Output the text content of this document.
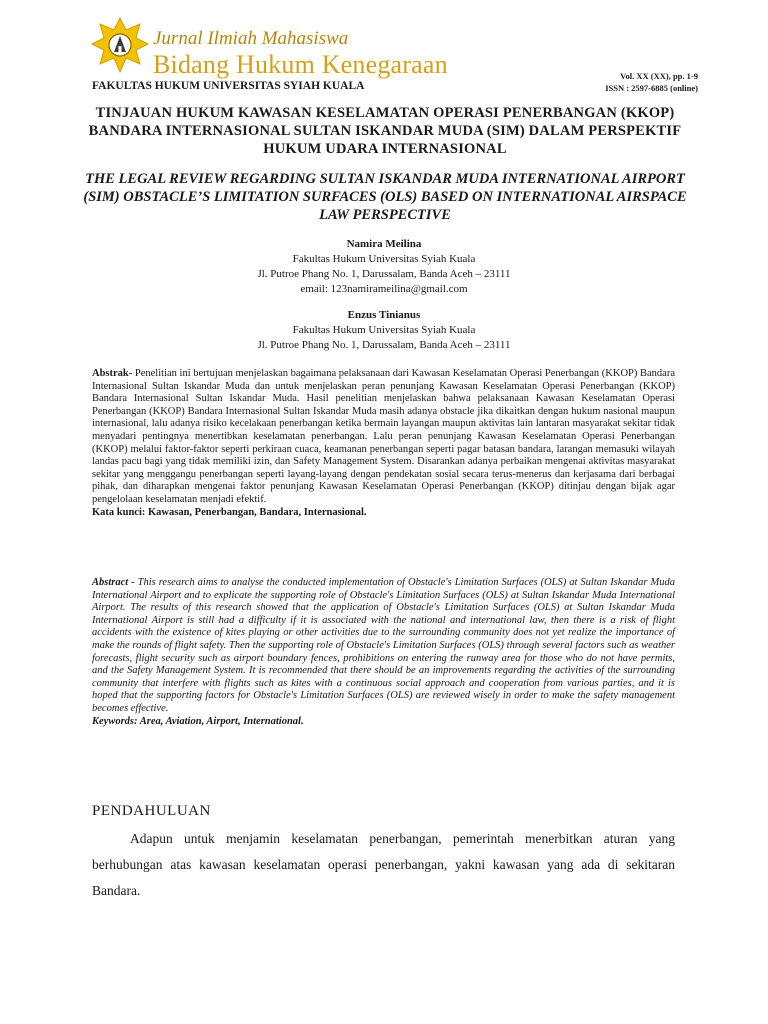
Jurnal Ilmiah Mahasiswa
Bidang Hukum Kenegaraan
FAKULTAS HUKUM UNIVERSITAS SYIAH KUALA
Vol. XX (XX), pp. 1-9
ISSN : 2597-6885 (online)
TINJAUAN HUKUM KAWASAN KESELAMATAN OPERASI PENERBANGAN (KKOP) BANDARA INTERNASIONAL SULTAN ISKANDAR MUDA (SIM) DALAM PERSPEKTIF HUKUM UDARA INTERNASIONAL
THE LEGAL REVIEW REGARDING SULTAN ISKANDAR MUDA INTERNATIONAL AIRPORT (SIM) OBSTACLE’S LIMITATION SURFACES (OLS) BASED ON INTERNATIONAL AIRSPACE LAW PERSPECTIVE
Namira Meilina
Fakultas Hukum Universitas Syiah Kuala
Jl. Putroe Phang No. 1, Darussalam, Banda Aceh – 23111
email: 123namirameilina@gmail.com
Enzus Tinianus
Fakultas Hukum Universitas Syiah Kuala
Jl. Putroe Phang No. 1, Darussalam, Banda Aceh – 23111
Abstrak- Penelitian ini bertujuan menjelaskan bagaimana pelaksanaan dari Kawasan Keselamatan Operasi Penerbangan (KKOP) Bandara Internasional Sultan Iskandar Muda dan untuk menjelaskan peran penunjang Kawasan Keselamatan Operasi Penerbangan (KKOP) Bandara Internasional Sultan Iskandar Muda. Hasil penelitian menjelaskan bahwa pelaksanaan Kawasan Keselamatan Operasi Penerbangan (KKOP) Bandara Internasional Sultan Iskandar Muda masih adanya obstacle jika dikaitkan dengan hukum nasional maupun internasional, lalu adanya risiko kecelakaan penerbangan ketika bermain layangan maupun aktivitas lain lantaran masyarakat sekitar tidak menyadari pentingnya menertibkan keselamatan penerbangan. Lalu peran penunjang Kawasan Keselamatan Operasi Penerbangan (KKOP) melalui faktor-faktor seperti perkiraan cuaca, keamanan penerbangan seperti pagar batasan bandara, larangan memasuki wilayah landas pacu bagi yang tidak memiliki izin, dan Safety Management System. Disarankan adanya perbaikan mengenai aktivitas masyarakat sekitar yang menggangu penerbangan seperti layang-layang dengan pendekatan sosial secara terus-menerus dan kerjasama dari berbagai pihak, dan diharapkan mengenai faktor penunjang Kawasan Keselamatan Operasi Penerbangan (KKOP) ditinjau dengan bijak agar pengelolaan keselamatan menjadi efektif.
Kata kunci: Kawasan, Penerbangan, Bandara, Internasional.
Abstract - This research aims to analyse the conducted implementation of Obstacle's Limitation Surfaces (OLS) at Sultan Iskandar Muda International Airport and to explicate the supporting role of Obstacle's Limitation Surfaces (OLS) at Sultan Iskandar Muda International Airport. The results of this research showed that the application of Obstacle's Limitation Surfaces (OLS) at Sultan Iskandar Muda International Airport is still had a difficulty if it is associated with the national and international law, then there is a risk of flight accidents with the existence of kites playing or other activities due to the surrounding community does not yet realize the importance of make the rounds of flight safety. Then the supporting role of Obstacle's Limitation Surfaces (OLS) through several factors such as weather forecasts, flight security such as airport boundary fences, prohibitions on entering the runway area for those who do not have permits, and the Safety Management System. It is recommended that there should be an improvements regarding the activities of the surrounding community that interfere with flights such as kites with a continuous social approach and cooperation from various parties, and it is hoped that the supporting factors for Obstacle's Limitation Surfaces (OLS) are reviewed wisely in order to make the safety management becomes effective.
Keywords: Area, Aviation, Airport, International.
PENDAHULUAN
Adapun untuk menjamin keselamatan penerbangan, pemerintah menerbitkan aturan yang berhubungan atas kawasan keselamatan operasi penerbangan, yakni kawasan yang ada di sekitaran Bandara.
